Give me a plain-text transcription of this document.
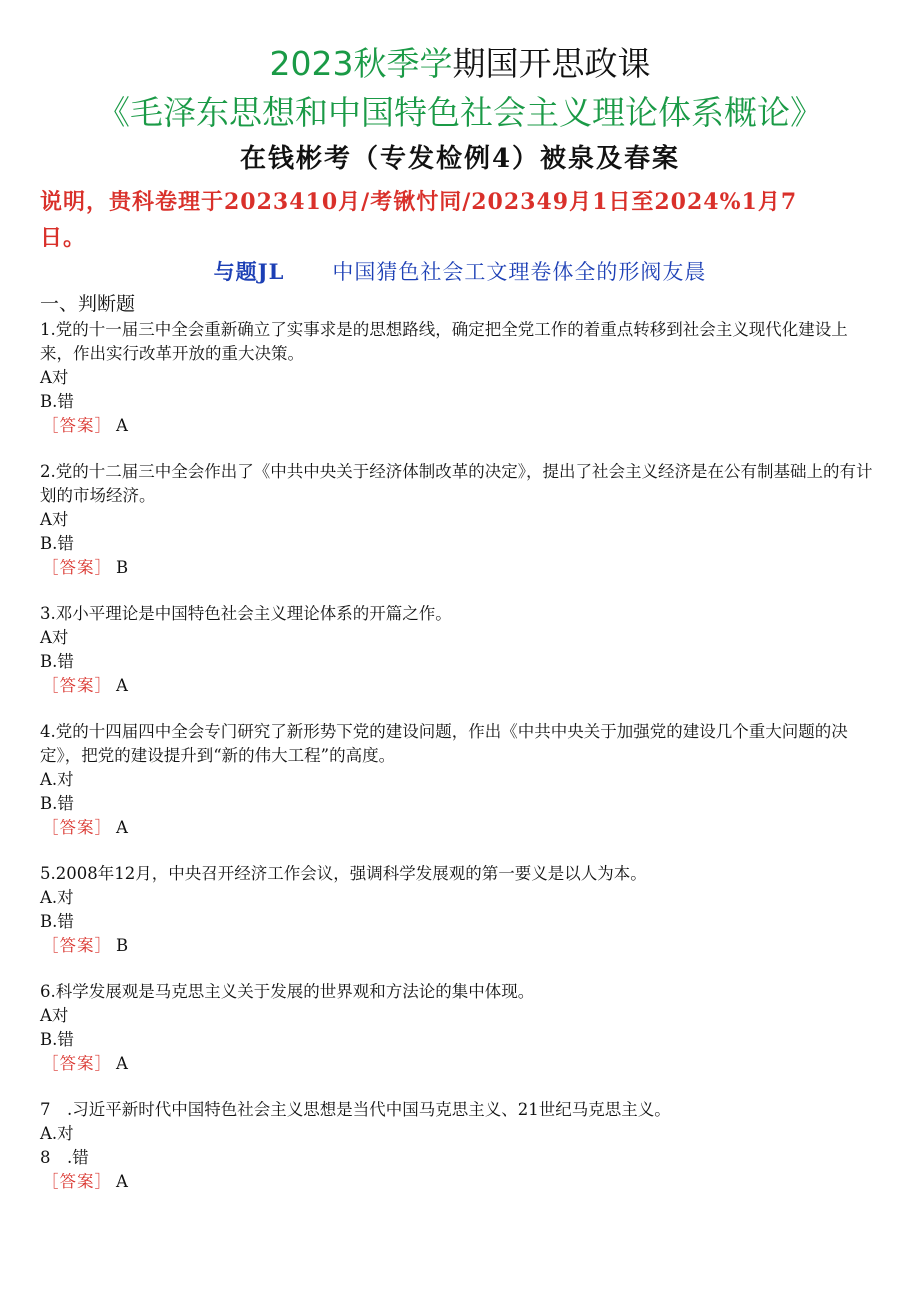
2023秋季学期国开思政课
《毛泽东思想和中国特色社会主义理论体系概论》
在钱彬考（专发检例4）被泉及春案
说明，贵科卷理于2023410月/考锹忖同/202349月1日至2024%1月7日。
与题JL 中国猜色社会工文理卷体全的形阀友晨
一、判断题
1.党的十一届三中全会重新确立了实事求是的思想路线，确定把全党工作的着重点转移到社会主义现代化建设上来，作出实行改革开放的重大决策。
A对
B.错
［答案］ A
2.党的十二届三中全会作出了《中共中央关于经济体制改革的决定》，提出了社会主义经济是在公有制基础上的有计划的市场经济。
A对
B.错
［答案］ B
3.邓小平理论是中国特色社会主义理论体系的开篇之作。
A对
B.错
［答案］ A
4.党的十四届四中全会专门研究了新形势下党的建设问题，作出《中共中央关于加强党的建设几个重大问题的决定》，把党的建设提升到“新的伟大工程”的高度。
A.对
B.错
［答案］ A
5.2008年12月，中央召开经济工作会议，强调科学发展观的第一要义是以人为本。
A.对
B.错
［答案］ B
6.科学发展观是马克思主义关于发展的世界观和方法论的集中体现。
A对
B.错
［答案］ A
7　.习近平新时代中国特色社会主义思想是当代中国马克思主义、21世纪马克思主义。
A.对
8　.错
［答案］ A
